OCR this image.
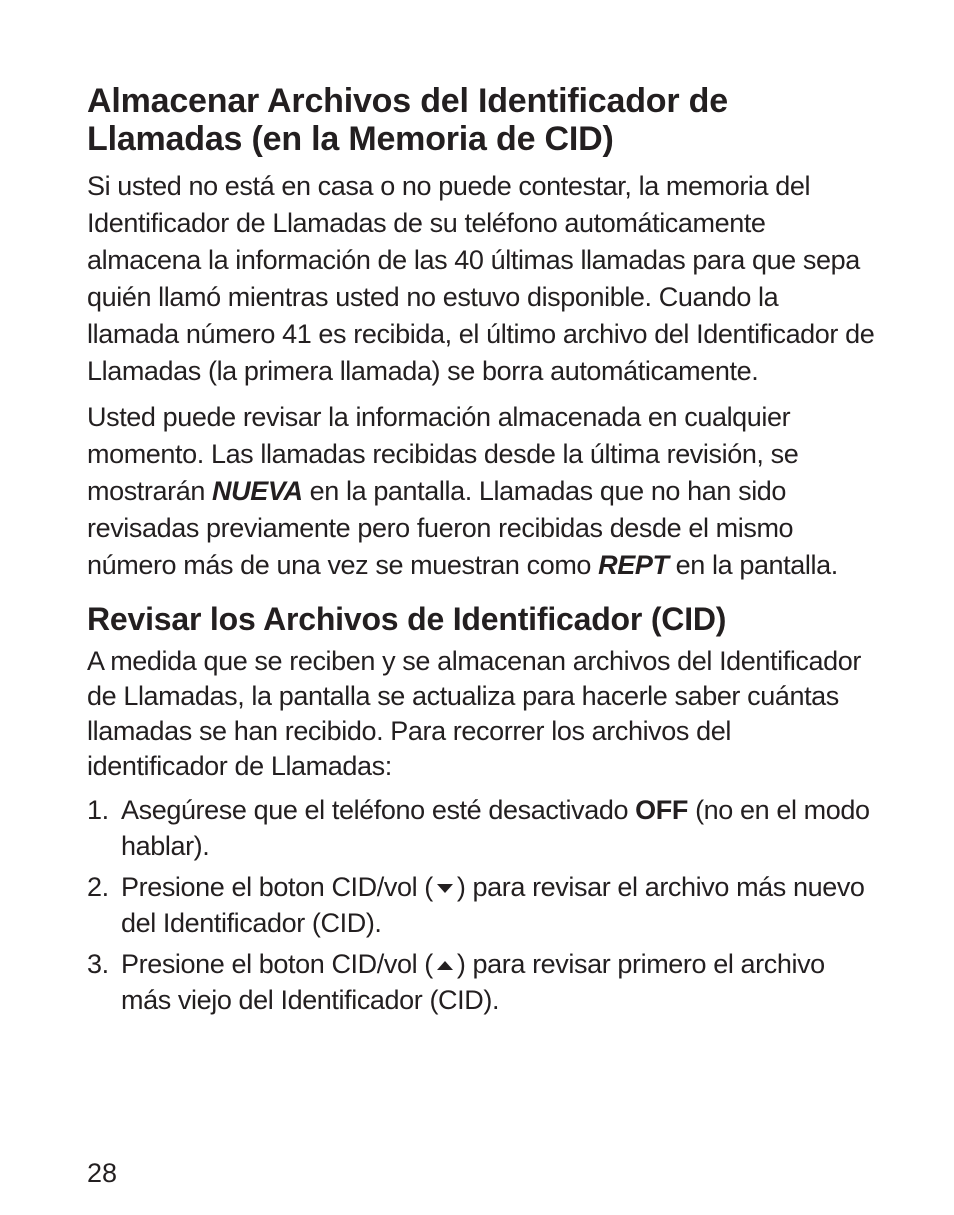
Almacenar Archivos del Identificador de
Llamadas (en la Memoria de CID)

Si usted no está en casa o no puede contestar, la memoria del Identificador de Llamadas de su teléfono automáticamente almacena la información de las 40 últimas llamadas para que sepa quién llamó mientras usted no estuvo disponible. Cuando la llamada número 41 es recibida, el último archivo del Identificador de Llamadas (la primera llamada) se borra automáticamente.

Usted puede revisar la información almacenada en cualquier momento. Las llamadas recibidas desde la última revisión, se mostrarán NUEVA en la pantalla. Llamadas que no han sido revisadas previamente pero fueron recibidas desde el mismo número más de una vez se muestran como REPT en la pantalla.

Revisar los Archivos de Identificador (CID)

A medida que se reciben y se almacenan archivos del Identificador de Llamadas, la pantalla se actualiza para hacerle saber cuántas llamadas se han recibido. Para recorrer los archivos del identificador de Llamadas:

1. Asegúrese que el teléfono esté desactivado OFF (no en el modo hablar).
2. Presione el boton CID/vol ( ) para revisar el archivo más nuevo del Identificador (CID).
3. Presione el boton CID/vol ( ) para revisar primero el archivo más viejo del Identificador (CID).
28
